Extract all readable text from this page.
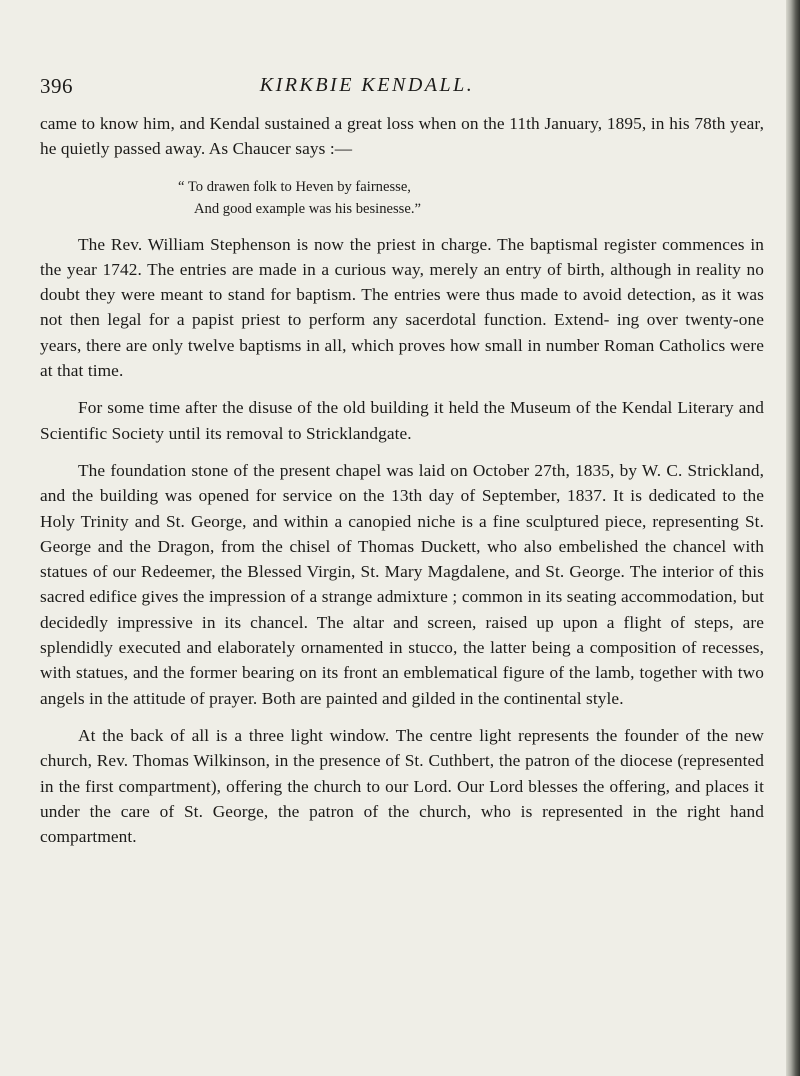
396	KIRKBIE KENDALL.

came to know him, and Kendal sustained a great loss when on the 11th January, 1895, in his 78th year, he quietly passed away. As Chaucer says :—

“ To drawen folk to Heven by fairnesse,
And good example was his besinesse.”

The Rev. William Stephenson is now the priest in charge. The baptismal register commences in the year 1742. The entries are made in a curious way, merely an entry of birth, although in reality no doubt they were meant to stand for baptism. The entries were thus made to avoid detection, as it was not then legal for a papist priest to perform any sacerdotal function. Extend- ing over twenty-one years, there are only twelve baptisms in all, which proves how small in number Roman Catholics were at that time.

For some time after the disuse of the old building it held the Museum of the Kendal Literary and Scientific Society until its removal to Stricklandgate.

The foundation stone of the present chapel was laid on October 27th, 1835, by W. C. Strickland, and the building was opened for service on the 13th day of September, 1837. It is dedicated to the Holy Trinity and St. George, and within a canopied niche is a fine sculptured piece, representing St. George and the Dragon, from the chisel of Thomas Duckett, who also embelished the chancel with statues of our Redeemer, the Blessed Virgin, St. Mary Magdalene, and St. George. The interior of this sacred edifice gives the impression of a strange admixture ; common in its seating accommodation, but decidedly impressive in its chancel. The altar and screen, raised up upon a flight of steps, are splendidly executed and elaborately ornamented in stucco, the latter being a composition of recesses, with statues, and the former bearing on its front an emblematical figure of the lamb, together with two angels in the attitude of prayer. Both are painted and gilded in the continental style.

At the back of all is a three light window. The centre light represents the founder of the new church, Rev. Thomas Wilkinson, in the presence of St. Cuthbert, the patron of the diocese (represented in the first compartment), offering the church to our Lord. Our Lord blesses the offering, and places it under the care of St. George, the patron of the church, who is represented in the right hand compartment.
